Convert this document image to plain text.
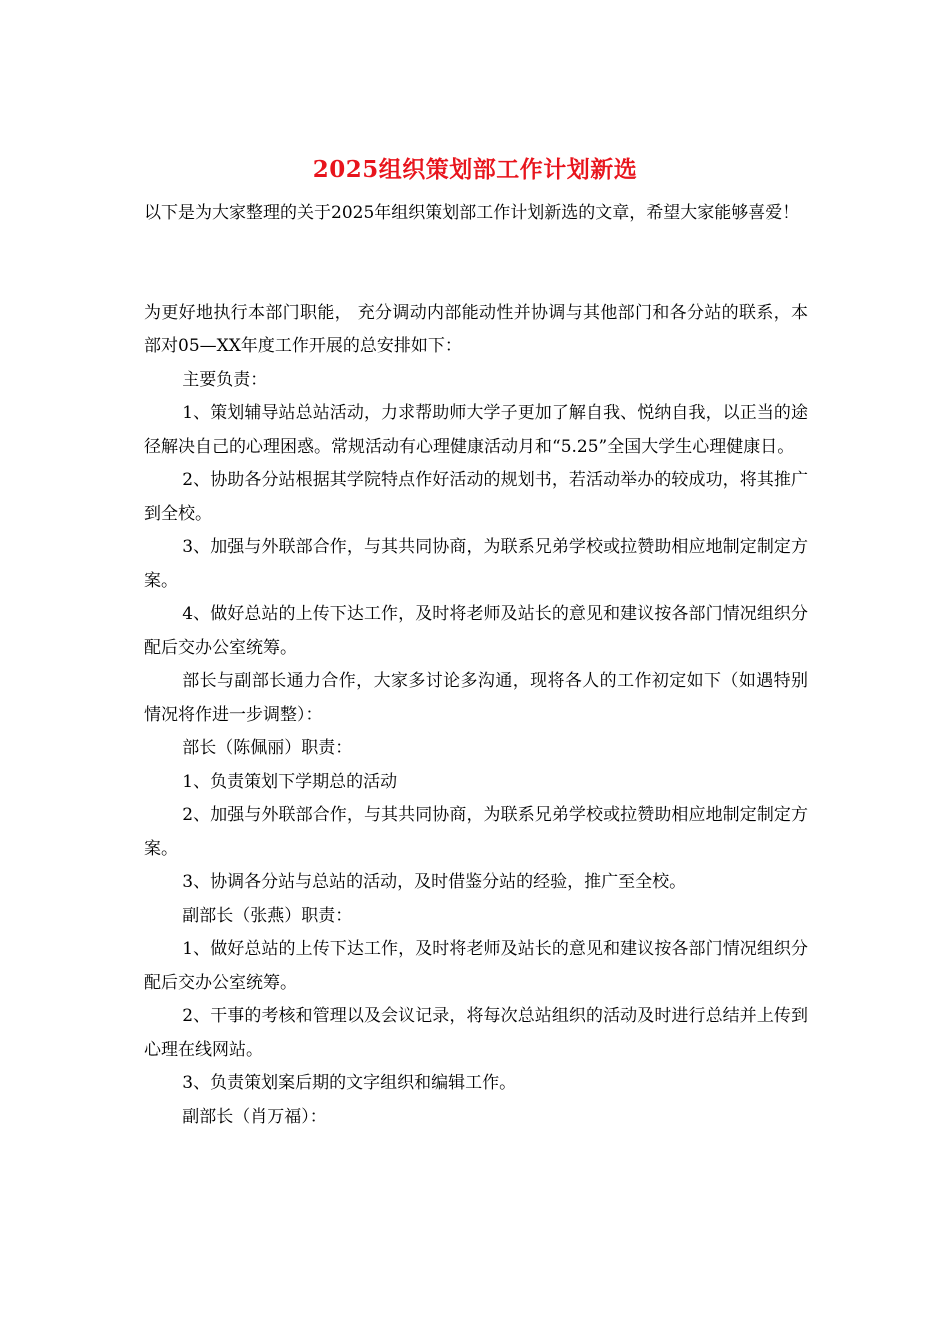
2025组织策划部工作计划新选

以下是为大家整理的关于2025年组织策划部工作计划新选的文章，希望大家能够喜爱！

为更好地执行本部门职能， 充分调动内部能动性并协调与其他部门和各分站的联系，本部对05—XX年度工作开展的总安排如下：

主要负责：

1、策划辅导站总站活动，力求帮助师大学子更加了解自我、悦纳自我，以正当的途径解决自己的心理困惑。常规活动有心理健康活动月和“5.25”全国大学生心理健康日。

2、协助各分站根据其学院特点作好活动的规划书，若活动举办的较成功，将其推广到全校。

3、加强与外联部合作，与其共同协商，为联系兄弟学校或拉赞助相应地制定制定方案。

4、做好总站的上传下达工作，及时将老师及站长的意见和建议按各部门情况组织分配后交办公室统筹。

部长与副部长通力合作，大家多讨论多沟通，现将各人的工作初定如下（如遇特别情况将作进一步调整）：

部长（陈佩丽）职责：

1、负责策划下学期总的活动

2、加强与外联部合作，与其共同协商，为联系兄弟学校或拉赞助相应地制定制定方案。

3、协调各分站与总站的活动，及时借鉴分站的经验，推广至全校。

副部长（张燕）职责：

1、做好总站的上传下达工作，及时将老师及站长的意见和建议按各部门情况组织分配后交办公室统筹。

2、干事的考核和管理以及会议记录，将每次总站组织的活动及时进行总结并上传到心理在线网站。

3、负责策划案后期的文字组织和编辑工作。

副部长（肖万福）：
